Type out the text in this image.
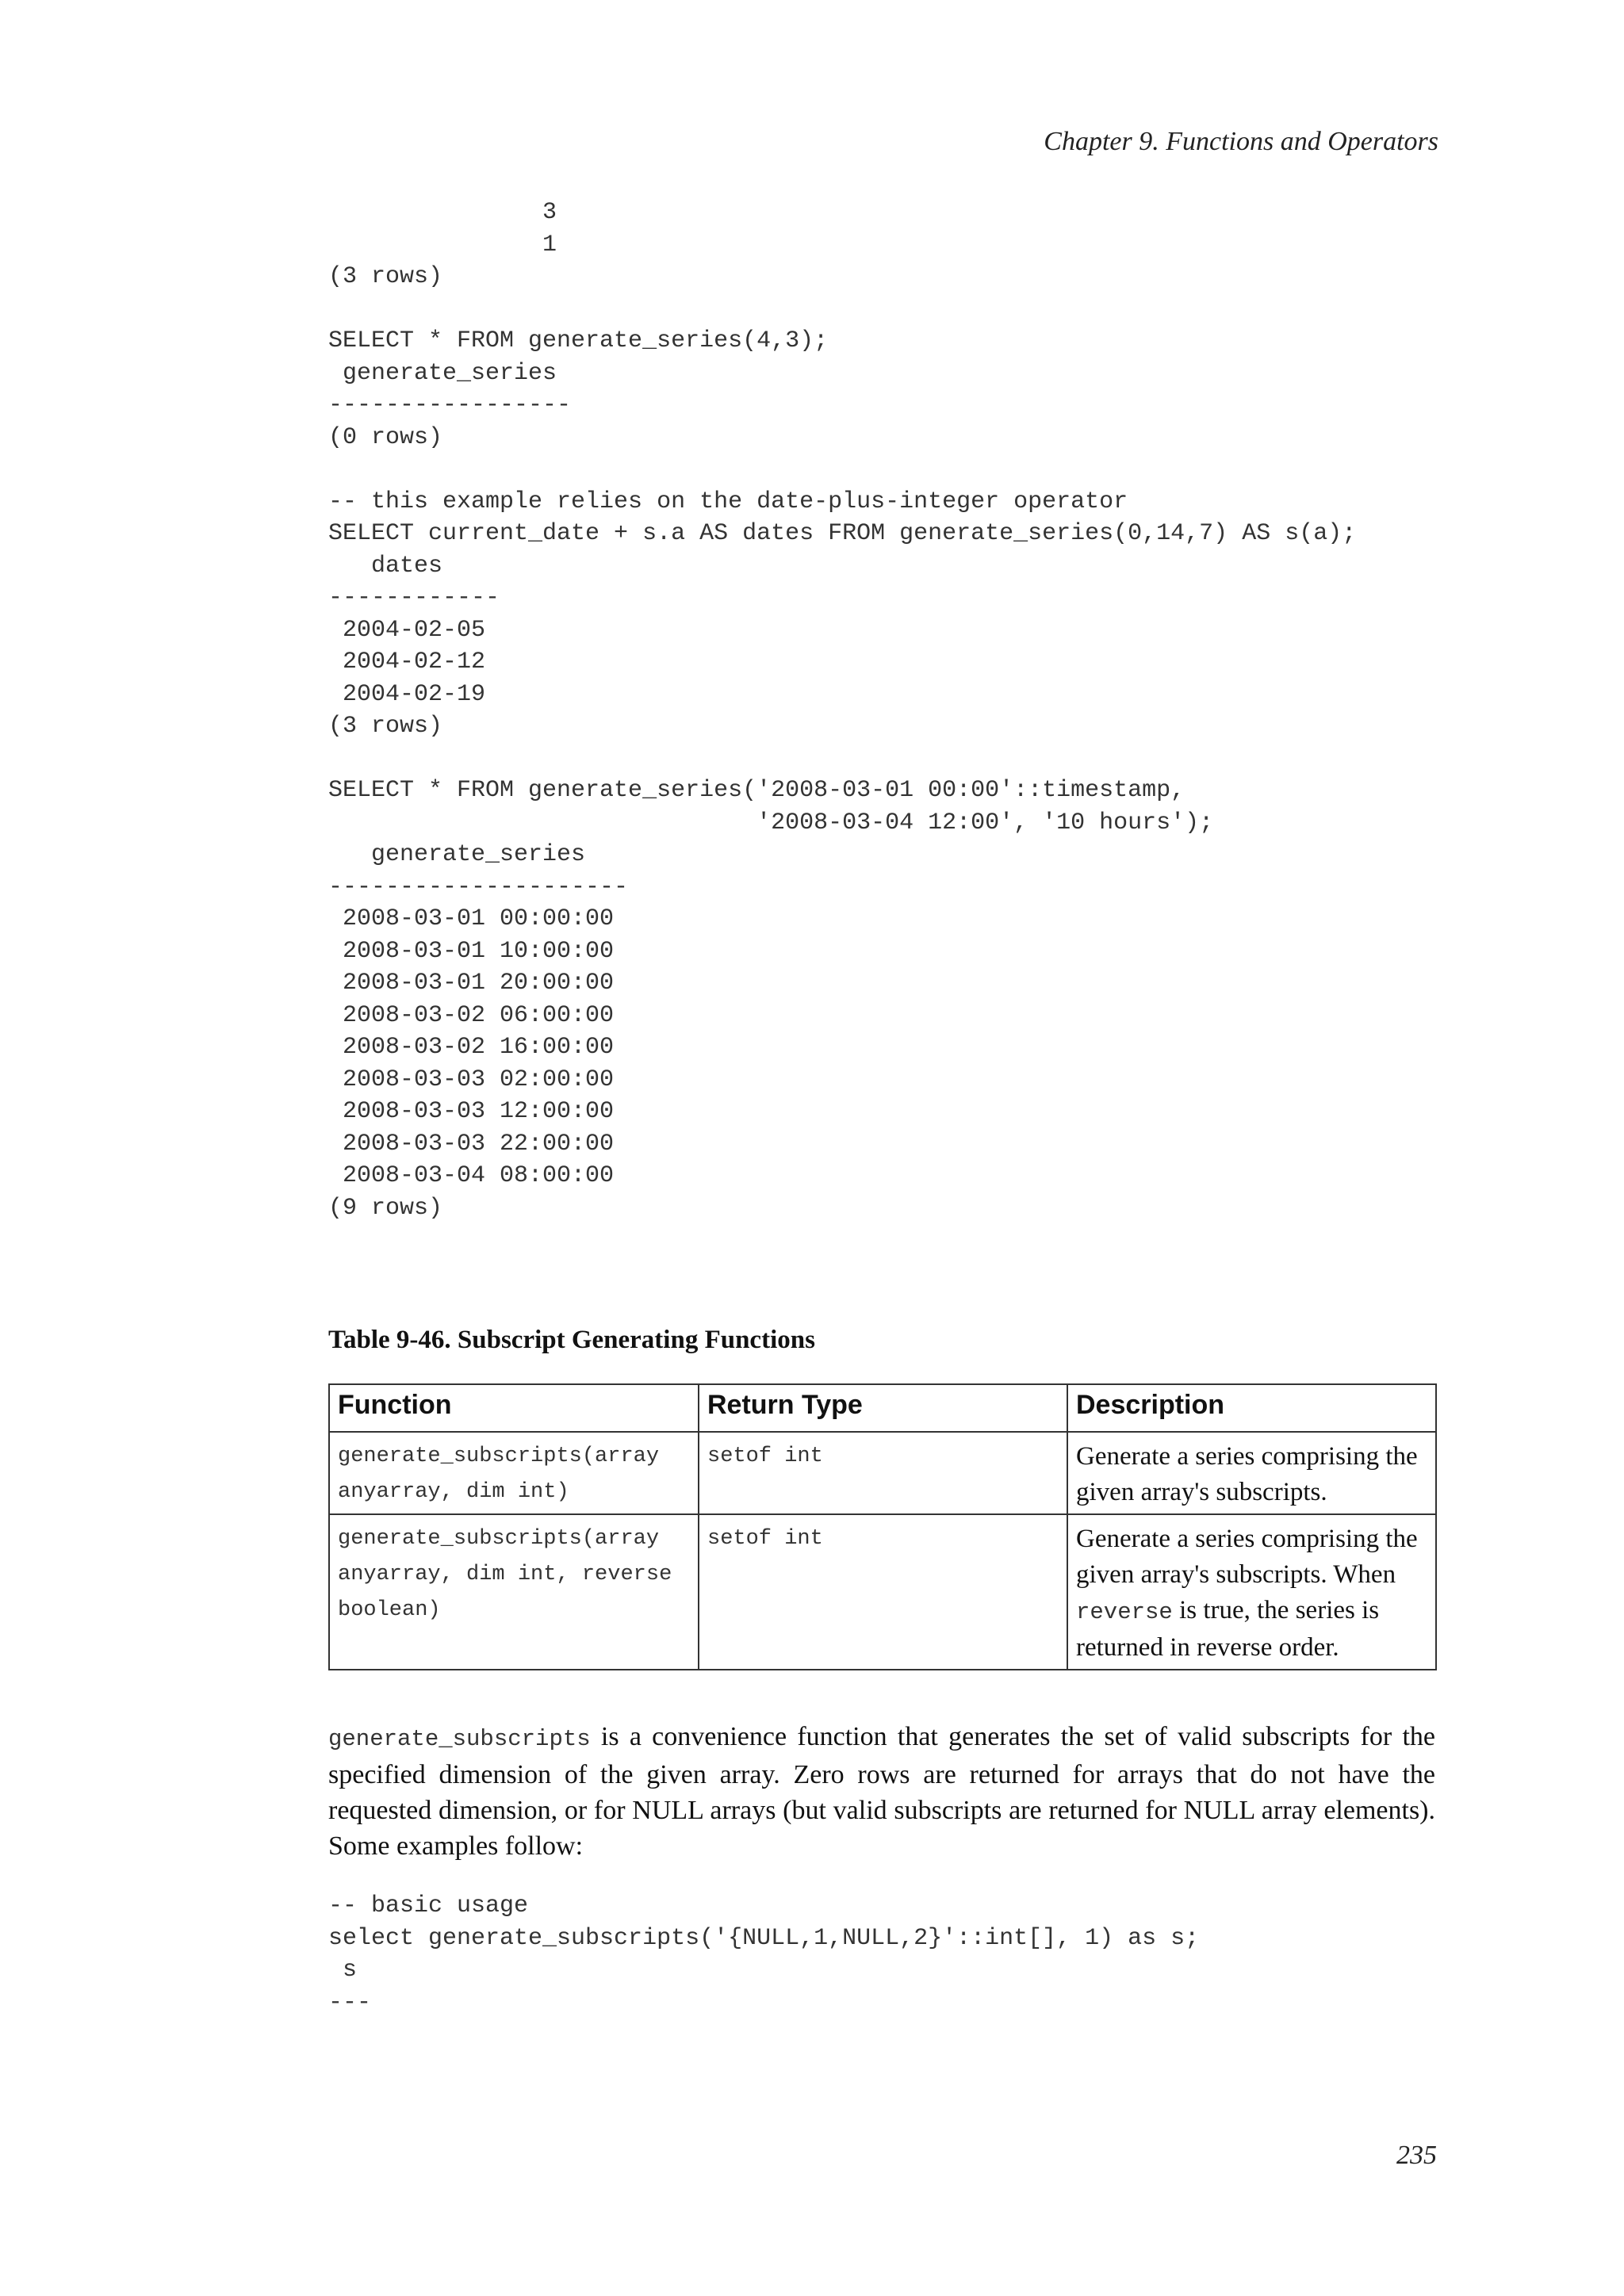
Chapter 9. Functions and Operators
3
1
(3 rows)

SELECT * FROM generate_series(4,3);
generate_series
-----------------
(0 rows)

-- this example relies on the date-plus-integer operator
SELECT current_date + s.a AS dates FROM generate_series(0,14,7) AS s(a);
dates
------------
2004-02-05
2004-02-12
2004-02-19
(3 rows)

SELECT * FROM generate_series('2008-03-01 00:00'::timestamp,
'2008-03-04 12:00', '10 hours');
generate_series
---------------------
2008-03-01 00:00:00
2008-03-01 10:00:00
2008-03-01 20:00:00
2008-03-02 06:00:00
2008-03-02 16:00:00
2008-03-03 02:00:00
2008-03-03 12:00:00
2008-03-03 22:00:00
2008-03-04 08:00:00
(9 rows)
Table 9-46. Subscript Generating Functions
Function	Return Type	Description
generate_subscripts(array anyarray, dim int)	setof int	Generate a series comprising the given array's subscripts.
generate_subscripts(array anyarray, dim int, reverse boolean)	setof int	Generate a series comprising the given array's subscripts. When reverse is true, the series is returned in reverse order.

generate_subscripts is a convenience function that generates the set of valid subscripts for the specified dimension of the given array. Zero rows are returned for arrays that do not have the requested dimension, or for NULL arrays (but valid subscripts are returned for NULL array elements). Some examples follow:

-- basic usage
select generate_subscripts('{NULL,1,NULL,2}'::int[], 1) as s;
s
---
235
